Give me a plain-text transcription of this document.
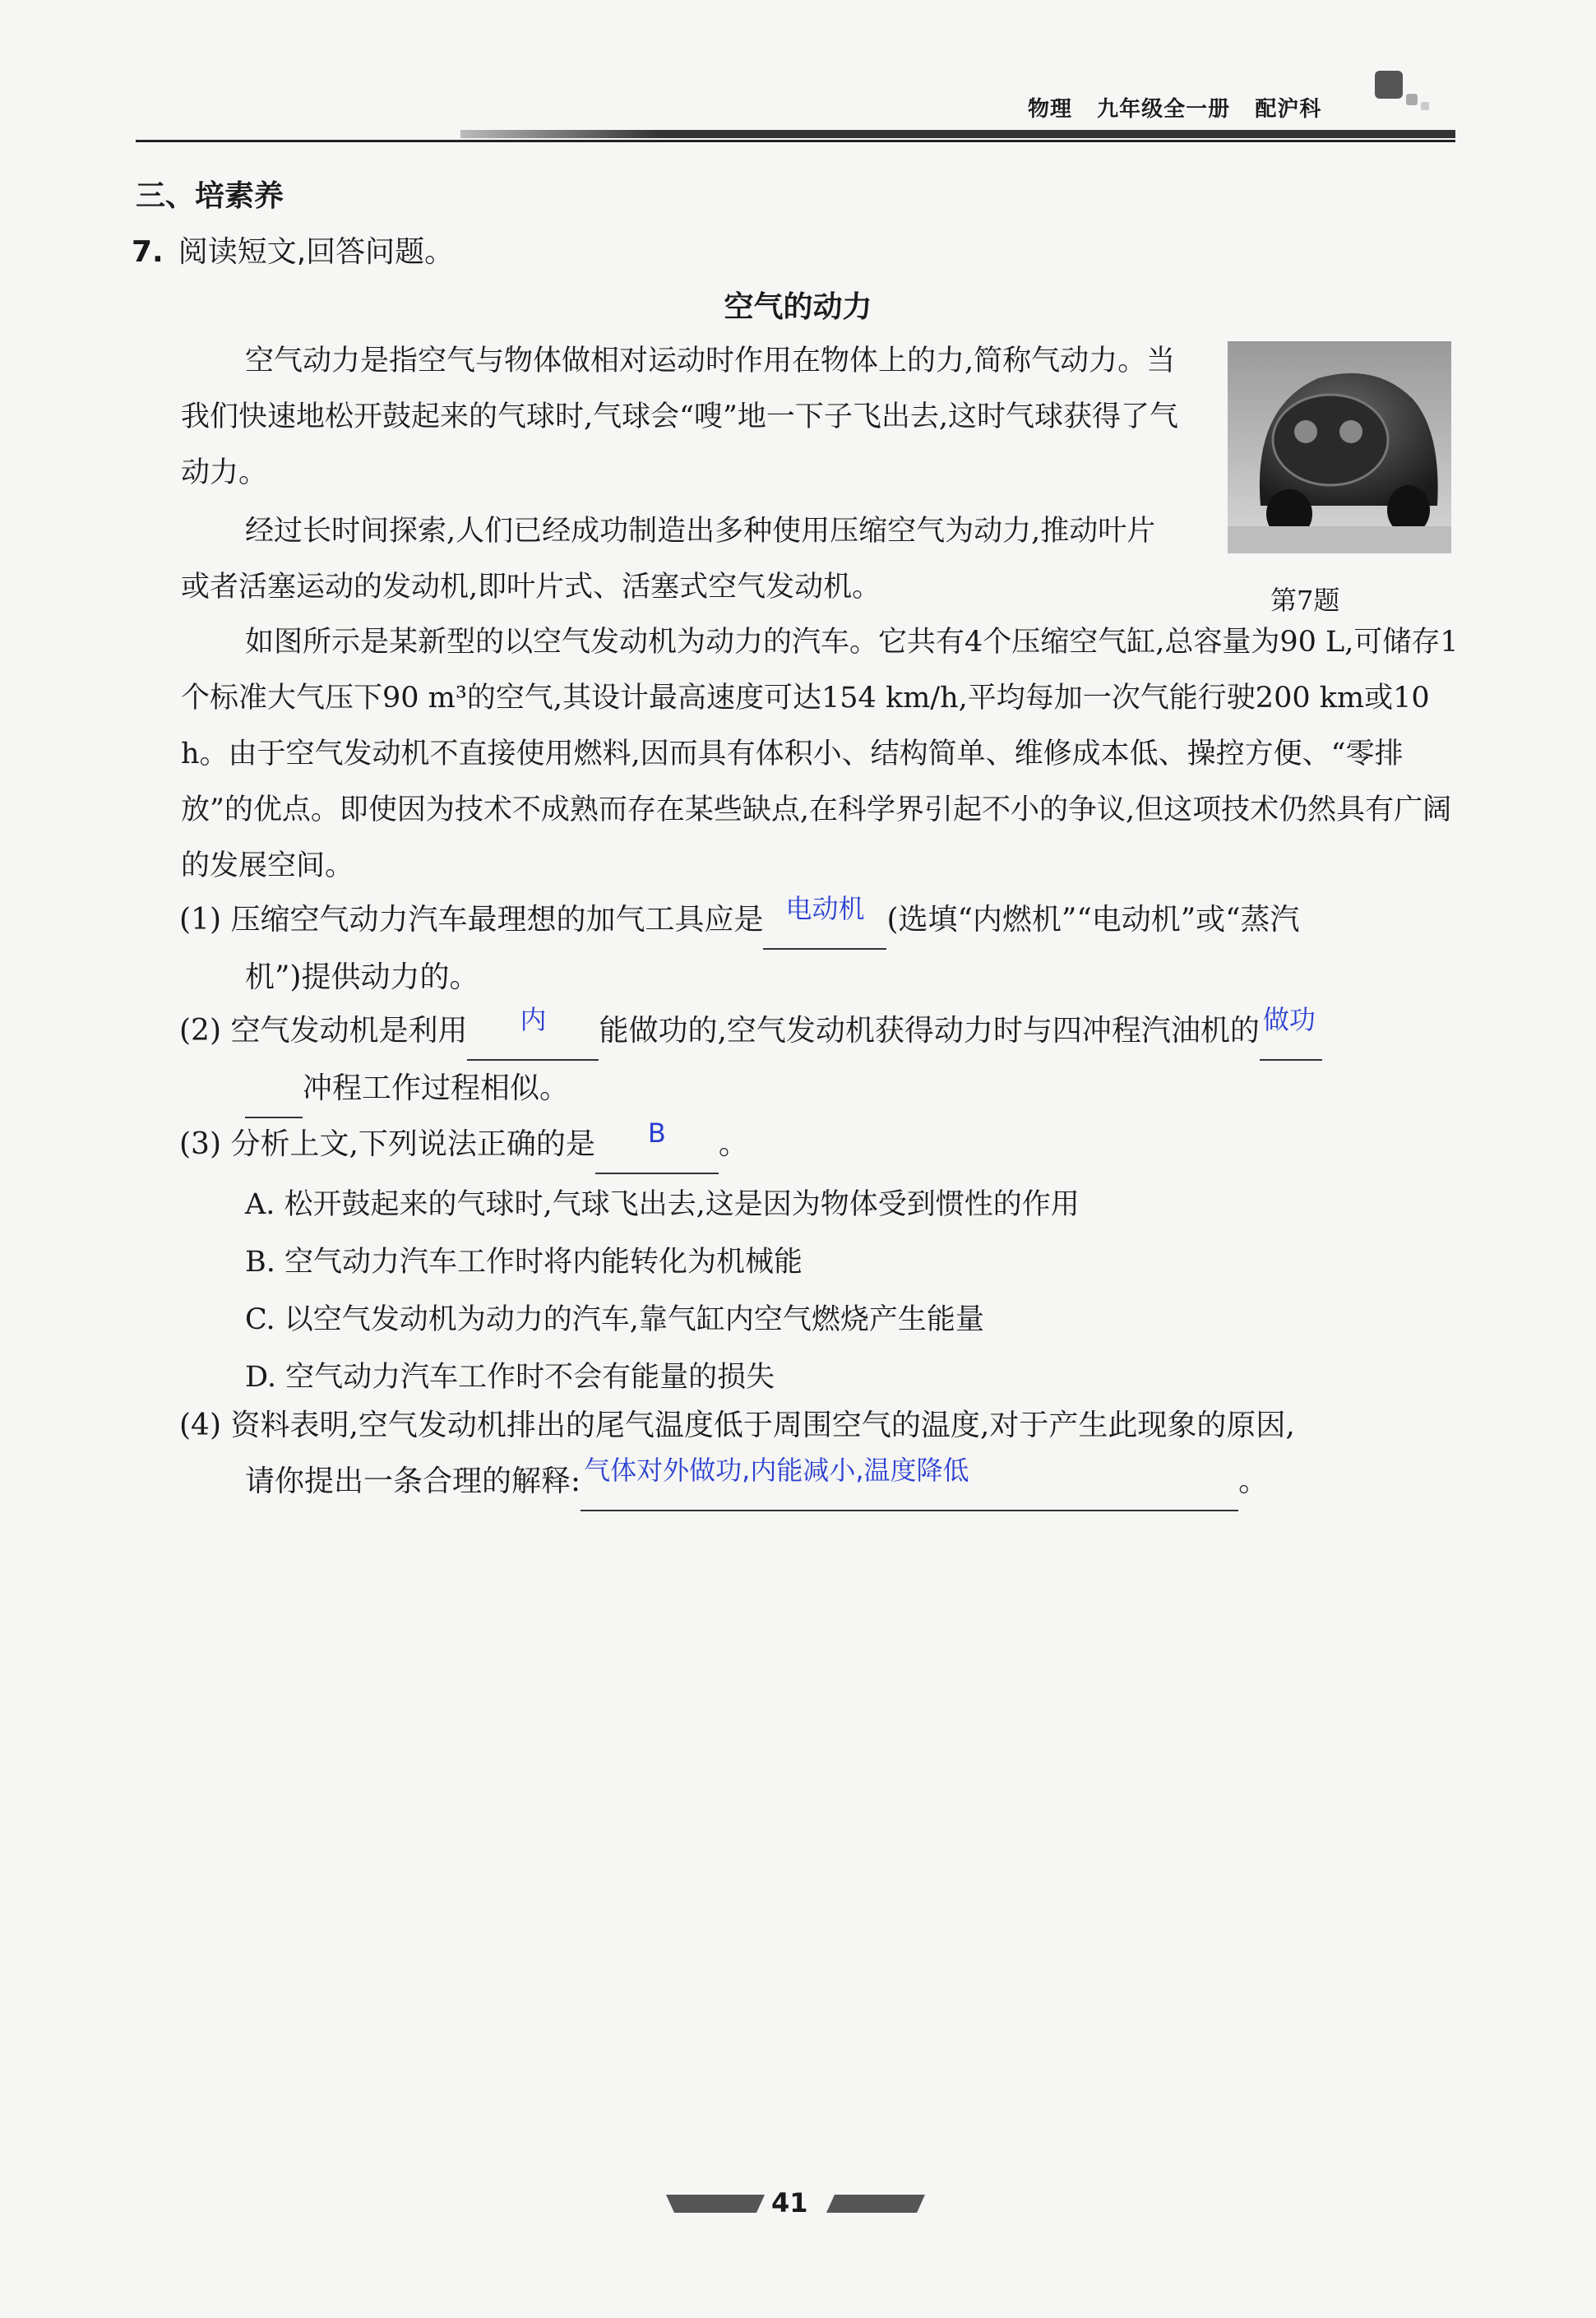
物理 九年级全一册 配沪科
三、培素养
7. 阅读短文,回答问题。
空气的动力
空气动力是指空气与物体做相对运动时作用在物体上的力,简称气动力。当我们快速地松开鼓起来的气球时,气球会“嗖”地一下子飞出去,这时气球获得了气动力。
经过长时间探索,人们已经成功制造出多种使用压缩空气为动力,推动叶片或者活塞运动的发动机,即叶片式、活塞式空气发动机。
如图所示是某新型的以空气发动机为动力的汽车。它共有4个压缩空气缸,总容量为90 L,可储存1个标准大气压下90 m³的空气,其设计最高速度可达154 km/h,平均每加一次气能行驶200 km或10 h。由于空气发动机不直接使用燃料,因而具有体积小、结构简单、维修成本低、操控方便、“零排放”的优点。即使因为技术不成熟而存在某些缺点,在科学界引起不小的争议,但这项技术仍然具有广阔的发展空间。
第7题
(1) 压缩空气动力汽车最理想的加气工具应是 电动机 (选填“内燃机”“电动机”或“蒸汽
机”)提供动力的。
(2) 空气发动机是利用	内	能做功的,空气发动机获得动力时与四冲程汽油机的 做功
冲程工作过程相似。
(3) 分析上文,下列说法正确的是	B	。
A. 松开鼓起来的气球时,气球飞出去,这是因为物体受到惯性的作用
B. 空气动力汽车工作时将内能转化为机械能
C. 以空气发动机为动力的汽车,靠气缸内空气燃烧产生能量
D. 空气动力汽车工作时不会有能量的损失
(4) 资料表明,空气发动机排出的尾气温度低于周围空气的温度,对于产生此现象的原因,
请你提出一条合理的解释: 气体对外做功,内能减小,温度降低	。
41
